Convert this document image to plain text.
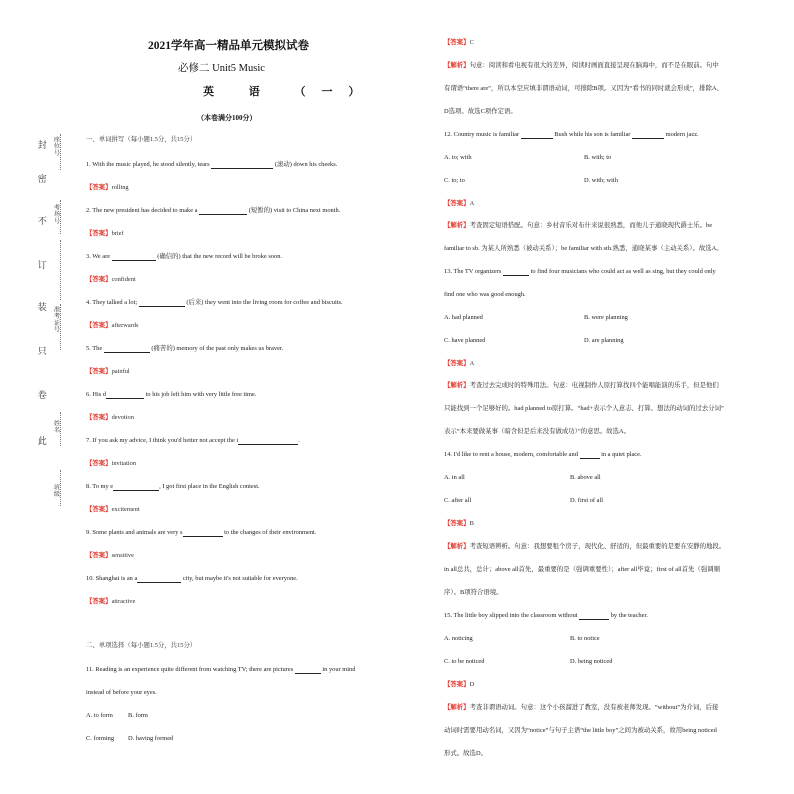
封 座位号
密
不 考场号
订
装 准考证号
只
卷
姓名
此
班级
2021学年高一精品单元模拟试卷
必修二 Unit5 Music
英 语 （一）
（本卷满分100分）
一、单词拼写（每小题1.5分，共15分）
1. With the music played, he stood silently, tears	(滚动) down his cheeks.
【答案】rolling
2. The new president has decided to make a	(短暂的) visit to China next month.
【答案】brief
3. We are	(确信的) that the new record will be broke soon.
【答案】confident
4. They talked a lot;	(后来) they went into the living room for coffee and biscuits.
【答案】afterwards
5. The	(痛苦的) memory of the past only makes us braver.
【答案】painful
6. His d	to his job left him with very little free time.
【答案】devotion
7. If you ask my advice, I think you'd better not accept the i	.
【答案】invitation
8. To my e	, I got first place in the English contest.
【答案】excitement
9. Some plants and animals are very s	to the changes of their environment.
【答案】sensitive
10. Shanghai is an a	city, but maybe it's not suitable for everyone.
【答案】attractive
二、单项选择（每小题1.5分，共15分）
11. Reading is an experience quite different from watching TV; there are pictures	in your mind
instead of before your eyes.
A. to form B. form
C. forming D. having formed
【答案】C
【解析】句意：阅读和看电视有很大的差异，阅读时画面直接呈现在脑海中，而不是在眼前。句中
有谓语“there are”，所以本空应填非谓语动词，可排除B项。又因为“看书的同时就会形成”，排除A、
D选项。故选C项作定语。
12. Country music is familiar	Bush while his son is familiar	modern jazz.
A. to; with	B. with; to
C. to; to	D. with; with
【答案】A
【解析】考查固定短语搭配。句意：乡村音乐对布什来说很熟悉，而他儿子通晓现代爵士乐。be
familiar to sb. 为某人所熟悉（被动关系）；be familiar with sth.熟悉，通晓某事（主动关系）。故选A。
13. The TV organizers	to find four musicians who could act as well as sing, but they could only
find one who was good enough.
A. had planned	B. were planning
C. have planned	D. are planning
【答案】A
【解析】考查过去完成时的特殊用法。句意：电视制作人原打算找四个能唱能演的乐手，但是他们
只能找到一个足够好的。had planned to原打算。“had+表示个人意志、打算、想法的动词的过去分词”
表示“本来要做某事（暗含但是后来没有做成功）”的意思。故选A。
14. I'd like to rent a house, modern, comfortable and	in a quiet place.
A. in all	B. above all
C. after all	D. first of all
【答案】B
【解析】考查短语辨析。句意：我想要租个房子，现代化、舒适的，但最重要的是要在安静的地段。
in all总共，总计；above all首先，最重要的是（强调重要性）；after all毕竟；first of all首先（强调顺
序）。B项符合语境。
15. The little boy slipped into the classroom without	by the teacher.
A. noticing	B. to notice
C. to be noticed	D. being noticed
【答案】D
【解析】考查非谓语动词。句意：这个小孩溜进了教室，没有被老师发现。“without”为介词，后接
动词时需要用动名词，又因为“notice”与句子主语“the little boy”之间为被动关系，故用being noticed
形式。故选D。
